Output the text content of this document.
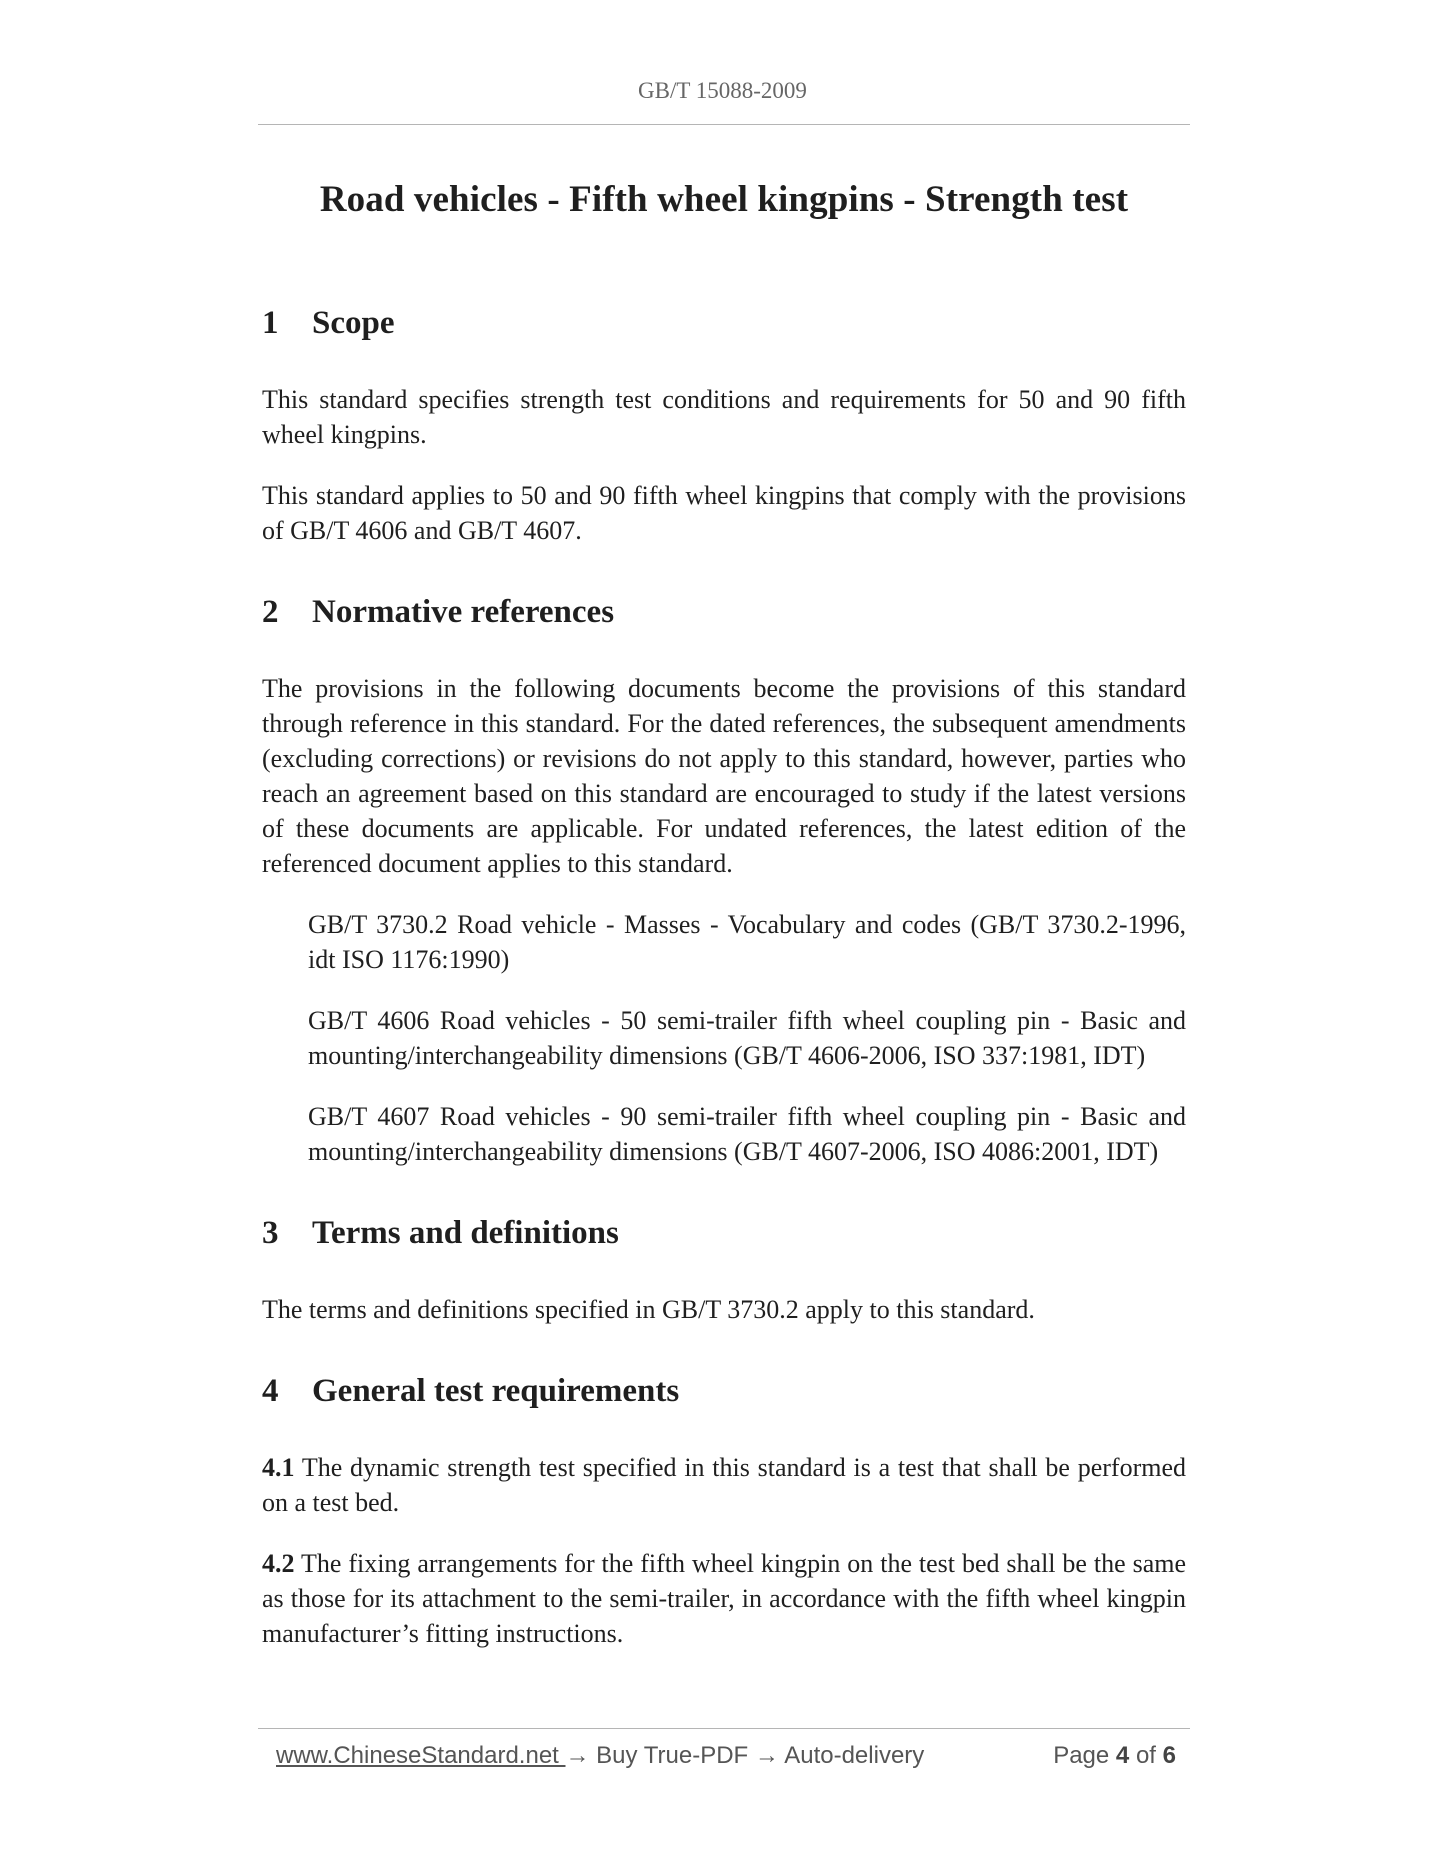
GB/T 15088-2009
Road vehicles - Fifth wheel kingpins - Strength test
1	Scope
This standard specifies strength test conditions and requirements for 50 and 90 fifth wheel kingpins.
This standard applies to 50 and 90 fifth wheel kingpins that comply with the provisions of GB/T 4606 and GB/T 4607.
2	Normative references
The provisions in the following documents become the provisions of this standard through reference in this standard. For the dated references, the subsequent amendments (excluding corrections) or revisions do not apply to this standard, however, parties who reach an agreement based on this standard are encouraged to study if the latest versions of these documents are applicable. For undated references, the latest edition of the referenced document applies to this standard.
GB/T 3730.2 Road vehicle - Masses - Vocabulary and codes (GB/T 3730.2-1996, idt ISO 1176:1990)
GB/T 4606 Road vehicles - 50 semi-trailer fifth wheel coupling pin - Basic and mounting/interchangeability dimensions (GB/T 4606-2006, ISO 337:1981, IDT)
GB/T 4607 Road vehicles - 90 semi-trailer fifth wheel coupling pin - Basic and mounting/interchangeability dimensions (GB/T 4607-2006, ISO 4086:2001, IDT)
3	Terms and definitions
The terms and definitions specified in GB/T 3730.2 apply to this standard.
4	General test requirements
4.1 The dynamic strength test specified in this standard is a test that shall be performed on a test bed.
4.2 The fixing arrangements for the fifth wheel kingpin on the test bed shall be the same as those for its attachment to the semi-trailer, in accordance with the fifth wheel kingpin manufacturer’s fitting instructions.
www.ChineseStandard.net → Buy True-PDF → Auto-delivery	Page 4 of 6
